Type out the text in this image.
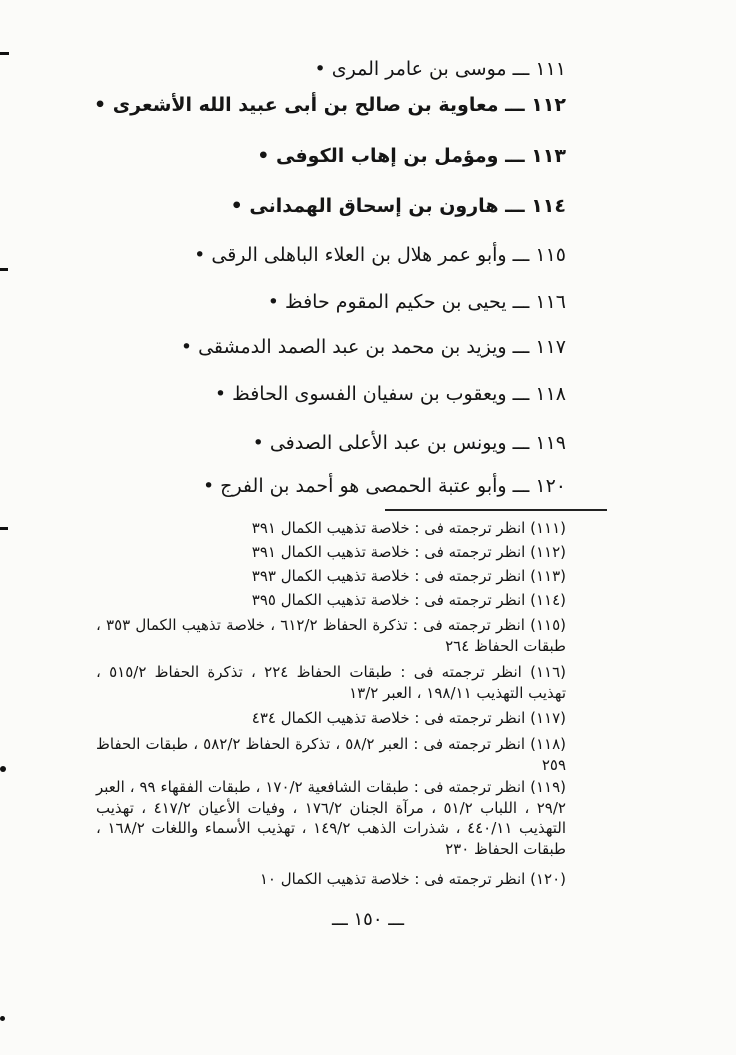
١١١ ـــ موسى بن عامر المرى •
١١٢ ـــ معاوية بن صالح بن أبى عبيد الله الأشعرى •
١١٣ ـــ ومؤمل بن إهاب الكوفى •
١١٤ ـــ هارون بن إسحاق الهمدانى •
١١٥ ـــ وأبو عمر هلال بن العلاء الباهلى الرقى •
١١٦ ـــ يحيى بن حكيم المقوم حافظ •
١١٧ ـــ ويزيد بن محمد بن عبد الصمد الدمشقى •
١١٨ ـــ ويعقوب بن سفيان الفسوى الحافظ •
١١٩ ـــ ويونس بن عبد الأعلى الصدفى •
١٢٠ ـــ وأبو عتبة الحمصى هو أحمد بن الفرج •
(١١١) انظر ترجمته فى : خلاصة تذهيب الكمال ٣٩١
(١١٢) انظر ترجمته فى : خلاصة تذهيب الكمال ٣٩١
(١١٣) انظر ترجمته فى : خلاصة تذهيب الكمال ٣٩٣
(١١٤) انظر ترجمته فى : خلاصة تذهيب الكمال ٣٩٥
(١١٥) انظر ترجمته فى : تذكرة الحفاظ ٦١٢/٢ ، خلاصة تذهيب الكمال ٣٥٣ ، طبقات الحفاظ ٢٦٤
(١١٦) انظر ترجمته فى : طبقات الحفاظ ٢٢٤ ، تذكرة الحفاظ ٥١٥/٢ ، تهذيب التهذيب ١٩٨/١١ ، العبر ١٣/٢
(١١٧) انظر ترجمته فى : خلاصة تذهيب الكمال ٤٣٤
(١١٨) انظر ترجمته فى : العبر ٥٨/٢ ، تذكرة الحفاظ ٥٨٢/٢ ، طبقات الحفاظ ٢٥٩
(١١٩) انظر ترجمته فى : طبقات الشافعية ١٧٠/٢ ، طبقات الفقهاء ٩٩ ، العبر ٢٩/٢ ، اللباب ٥١/٢ ، مرآة الجنان ١٧٦/٢ ، وفيات الأعيان ٤١٧/٢ ، تهذيب التهذيب ٤٤٠/١١ ، شذرات الذهب ١٤٩/٢ ، تهذيب الأسماء واللغات ١٦٨/٢ ، طبقات الحفاظ ٢٣٠
(١٢٠) انظر ترجمته فى : خلاصة تذهيب الكمال ١٠
ـــ ١٥٠ ـــ
